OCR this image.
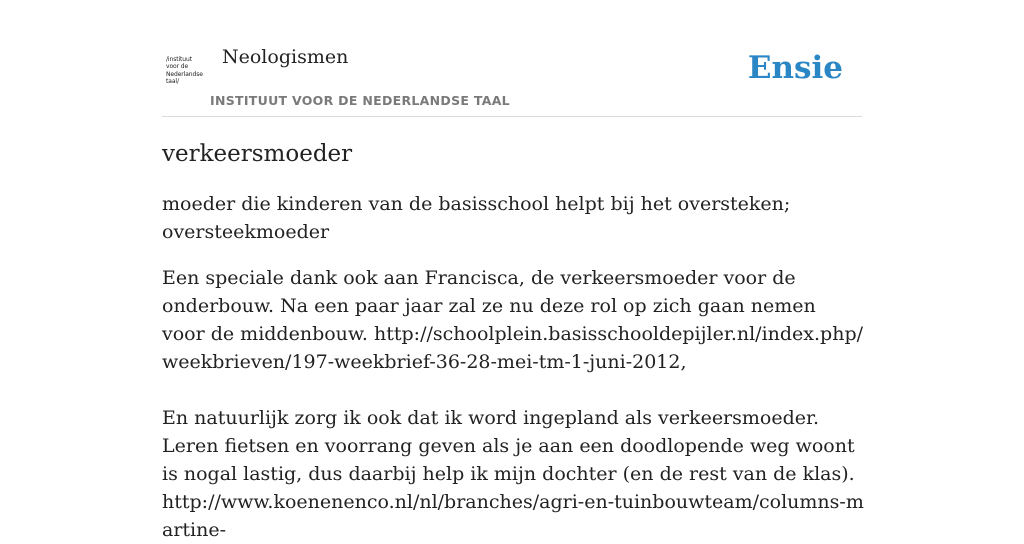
/instituut
voor de
Nederlandse
taal/
Neologismen
INSTITUUT VOOR DE NEDERLANDSE TAAL
Ensie
verkeersmoeder

moeder die kinderen van de basisschool helpt bij het oversteken; oversteekmoeder

Een speciale dank ook aan Francisca, de verkeersmoeder voor de onderbouw. Na een paar jaar zal ze nu deze rol op zich gaan nemen voor de middenbouw. http://schoolplein.basisschooldepijler.nl/index.php/weekbrieven/197-weekbrief-36-28-mei-tm-1-juni-2012,
En natuurlijk zorg ik ook dat ik word ingepland als verkeersmoeder. Leren fietsen en voorrang geven als je aan een doodlopende weg woont is nogal lastig, dus daarbij help ik mijn dochter (en de rest van de klas). http://www.koenenenco.nl/nl/branches/agri-en-tuinbouwteam/columns-martine-
